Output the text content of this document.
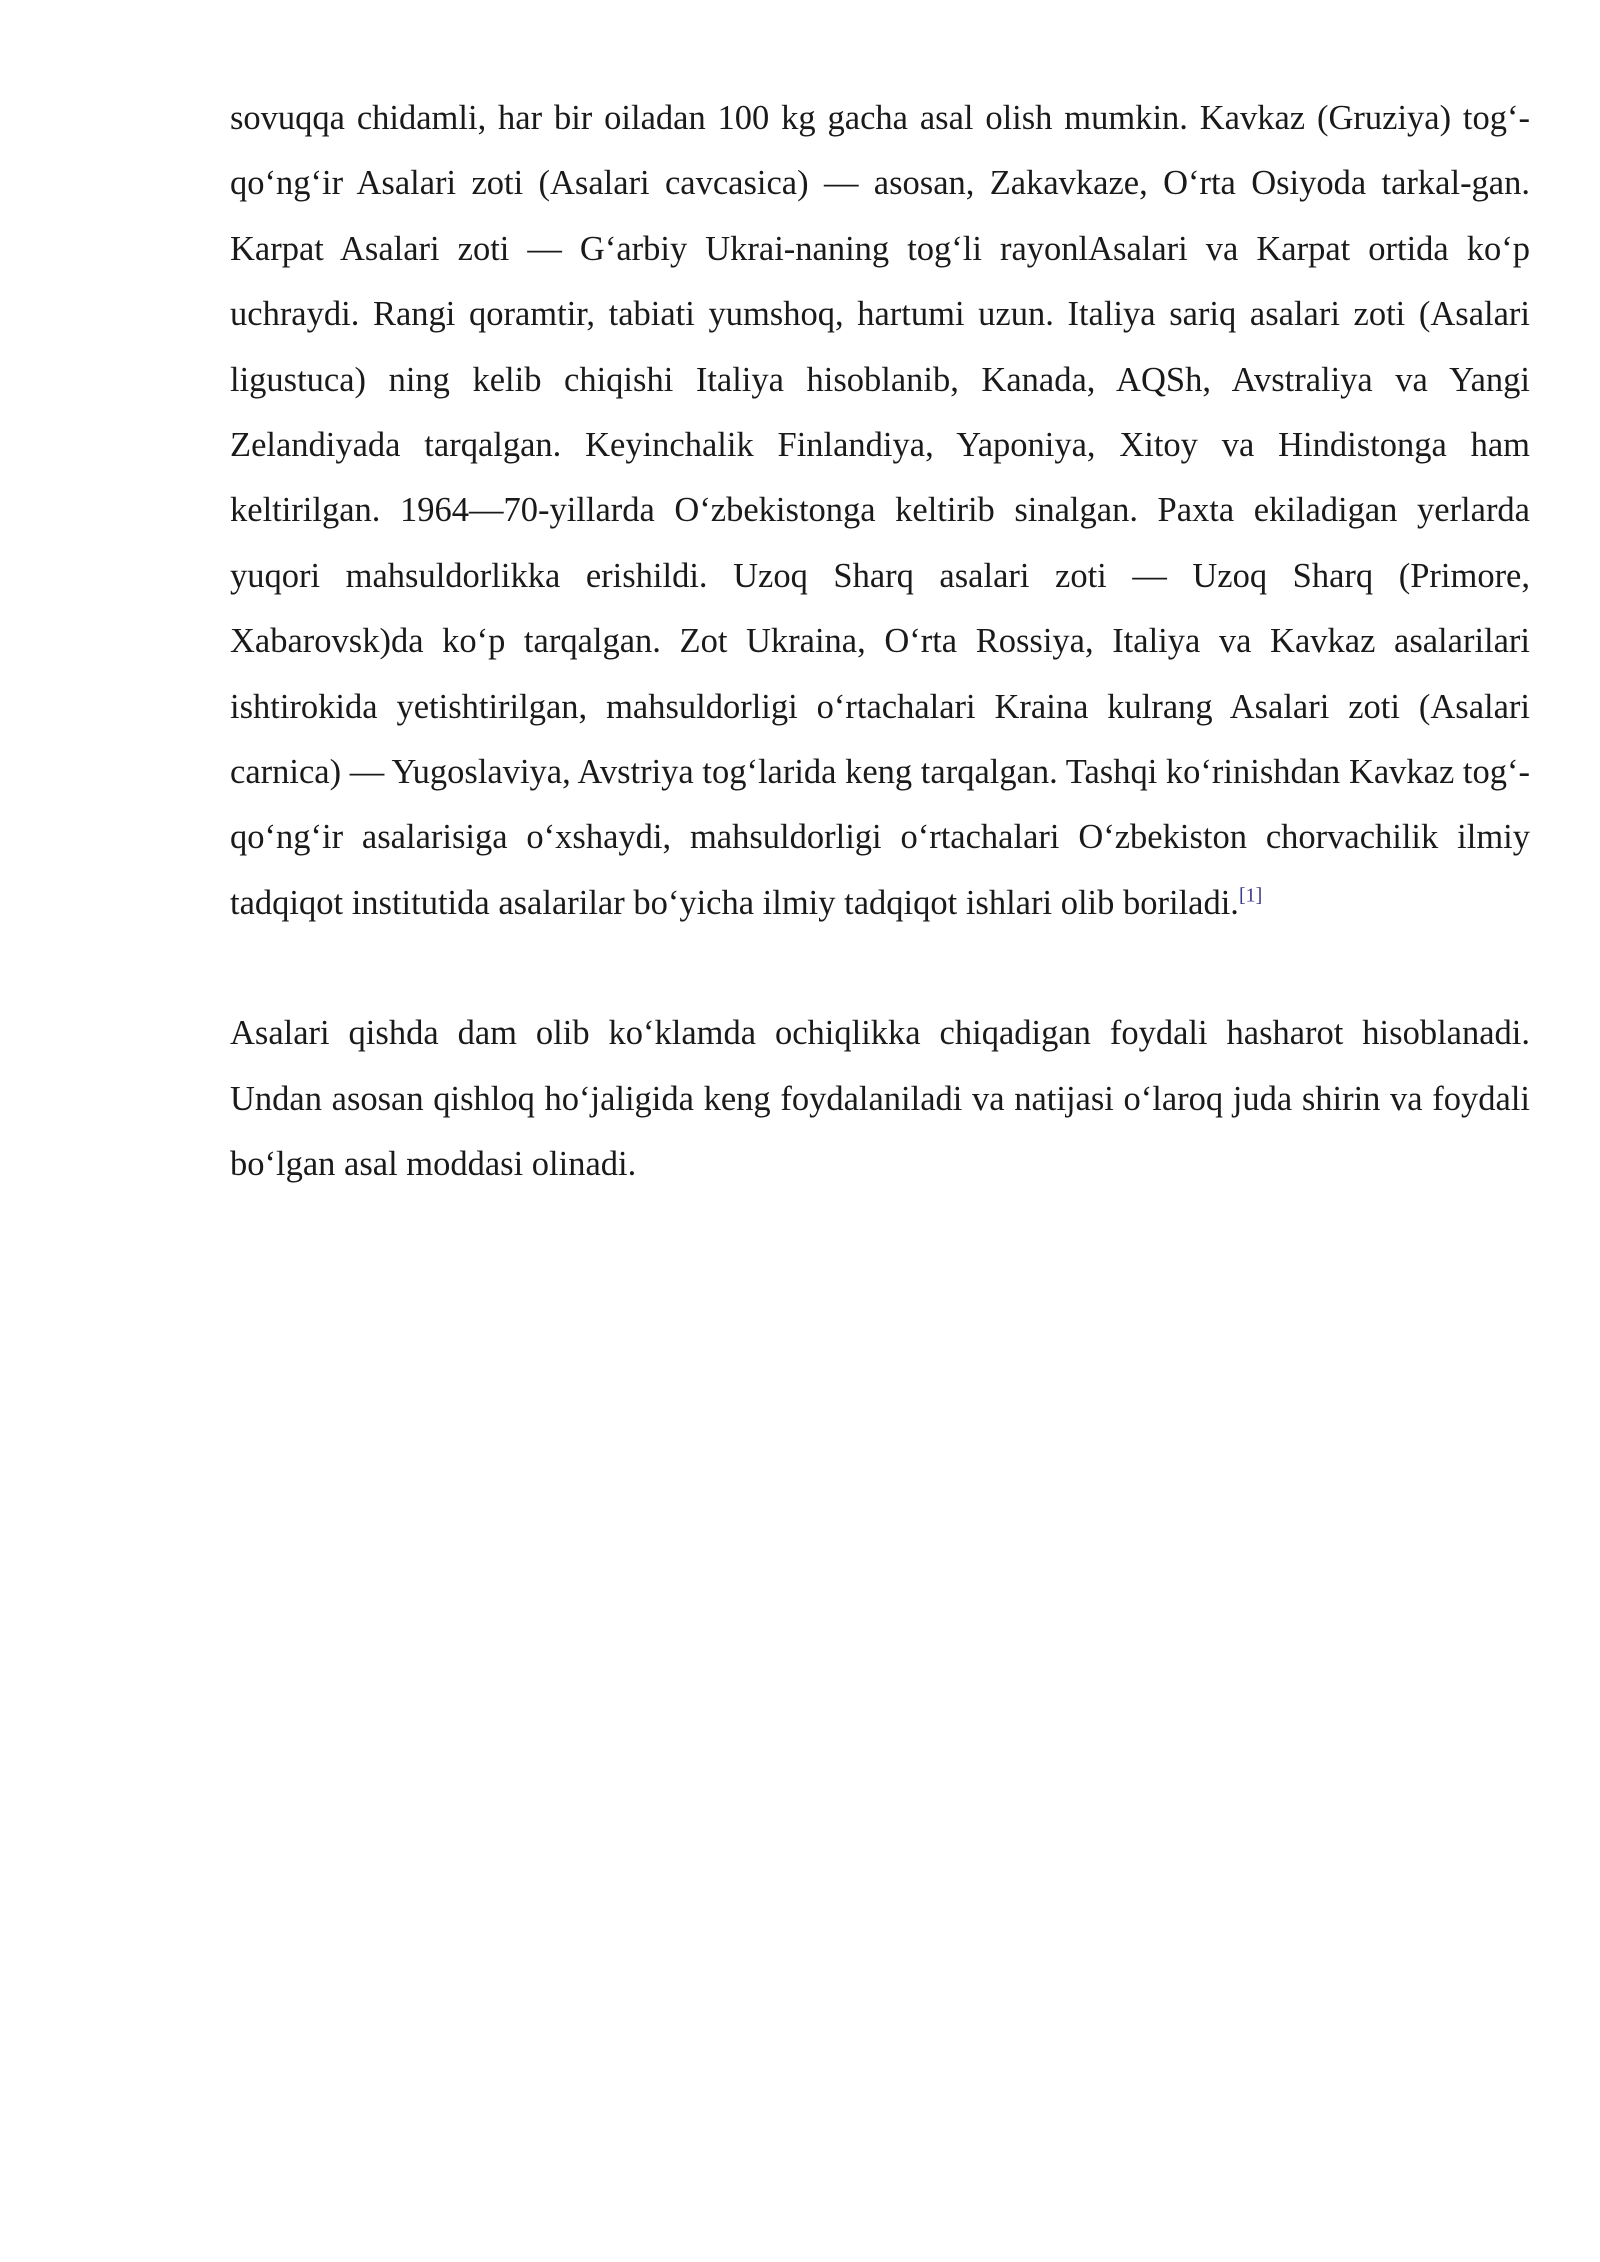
sovuqqa chidamli, har bir oiladan 100 kg gacha asal olish mumkin. Kavkaz (Gruziya) tog‘-qo‘ng‘ir Asalari zoti (Asalari cavcasica) — asosan, Zakavkaze, O‘rta Osiyoda tarkal-gan. Karpat Asalari zoti — G‘arbiy Ukrai-naning tog‘li rayonlAsalari va Karpat ortida ko‘p uchraydi. Rangi qoramtir, tabiati yumshoq, hartumi uzun. Italiya sariq asalari zoti (Asalari ligustuca) ning kelib chiqishi Italiya hisoblanib, Kanada, AQSh, Avstraliya va Yangi Zelandiyada tarqalgan. Keyinchalik Finlandiya, Yaponiya, Xitoy va Hindistonga ham keltirilgan. 1964—70-yillarda O‘zbekistonga keltirib sinalgan. Paxta ekiladigan yerlarda yuqori mahsuldorlikka erishildi. Uzoq Sharq asalari zoti — Uzoq Sharq (Primore, Xabarovsk)da ko‘p tarqalgan. Zot Ukraina, O‘rta Rossiya, Italiya va Kavkaz asalarilari ishtirokida yetishtirilgan, mahsuldorligi o‘rtachalari Kraina kulrang Asalari zoti (Asalari carnica) — Yugoslaviya, Avstriya tog‘larida keng tarqalgan. Tashqi ko‘rinishdan Kavkaz tog‘-qo‘ng‘ir asalarisiga o‘xshaydi, mahsuldorligi o‘rtachalari O‘zbekiston chorvachilik ilmiy tadqiqot institutida asalarilar bo‘yicha ilmiy tadqiqot ishlari olib boriladi.[1]

Asalari qishda dam olib ko‘klamda ochiqlikka chiqadigan foydali hasharot hisoblanadi. Undan asosan qishloq ho‘jaligida keng foydalaniladi va natijasi o‘laroq juda shirin va foydali bo‘lgan asal moddasi olinadi.
